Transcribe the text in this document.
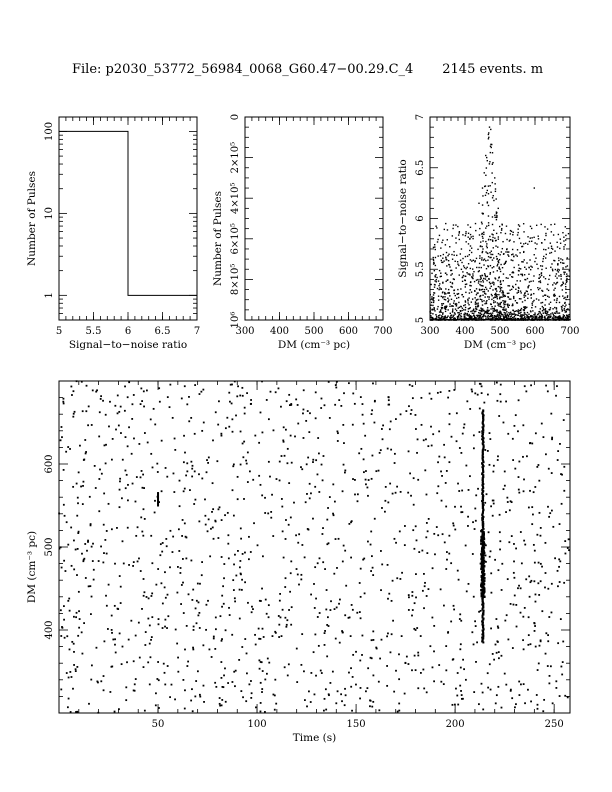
File: p2030_53772_56984_0068_G60.47−00.29.C_4 2145 events. m
5 5.5 6 6.5 7
1
10
100
Signal−to−noise ratio
Number of Pulses
300 400 500 600 700
0
2×10⁵
4×10⁵
6×10⁵
8×10⁵
10⁶
DM (cm⁻³ pc)
Number of Pulses
300 400 500 600 700
5
5.5
6
6.5
7
DM (cm⁻³ pc)
Signal−to−noise ratio
50	100	150	200	250
400
500
600
Time (s)
DM (cm⁻³ pc)
